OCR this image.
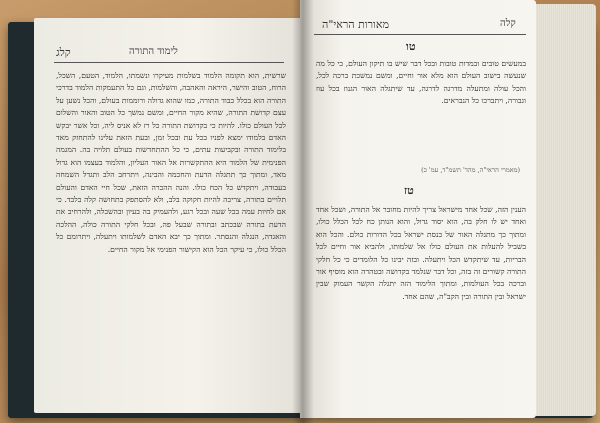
קלג	לימוד התורה
שרשית, הוא תקומה הלמוד בשלמות מעיקרו ונשמתו, הלמוד, הטעם, השכל, הרוח, הטוב והישר, היראה והאהבה, והשלמות, וגם כל התעמקות הלמוד בדרכי התורה הוא בכלל כבוד התורה, כמו שהוא גדולה ורוממות בעולם, והכל נשען על עצם קדושת התורה, שהיא מקור החיים, ומשם נמשך כל הטוב והאור והשלום לכל העולם כולו. להיות כי בקדושת התורה כל רז לא אניס ליה, וכל אשר יבקש האדם בלמודו ימצא לפניו בכל עת ובכל זמן, ובעת הזאת עלינו להתחזק מאד בלימוד התורה ובקביעות עתים, כי כל ההתחדשות בעולם תלויה בה. המגמה הפנימית של הלמוד היא ההתקשרות אל האור העליון, והלמוד בעצמו הוא גדול מאד, ומתוך כך תתגלה הדעת והחכמה והבינה, ויתרחב הלב ותגדל השמחה בעבודה, ויתקדש כל הכח כולו. והנה ההכרה הזאת, שכל חיי האדם והעולם תלויים בתורה, צריכה להיות חקוקה בלב, ולא להסתפק בתחושה קלה בלבד. כי אם לחיות עמה בכל שעה ובכל רגע, ולהעמיק בה בעיון ובהשכלה, ולהרחיב את הדעת בתורה שבכתב ובתורה שבעל פה, ובכל חלקי התורה כולה, ההלכה והאגדה, הנגלה והנסתר. ומתוך כך יבא האדם לשלמותו ויתעלה, ויתרומם כל הכלל כולו, כי עיקר הכל הוא הקישור הפנימי אל מקור החיים.
מאורות הראי"ה	קלה
טו
במעשים טובים ובמדות טובות ובכל דבר שיש בו תיקון העולם, כי כל מה שנעשה בישוב העולם הוא מלא אור וחיים, ומשם נמשכת ברכה לכל, והכל עולה ומתעלה מדרגה לדרגה, עד שיתגלה האור הגנוז בכל עוז וגבורה, ויתברכו כל הנבראים.
(מאמרי הראי"ה, מהד' תשמ"ד, עמ' כ)
טז
הענין הזה, שכל אחד מישראל צריך להיות מחובר אל התורה, ושכל אחד ואחד יש לו חלק בה, הוא יסוד גדול, והוא הנותן כח לכל הכלל כולו, ומתוך כך מתגלה האור של כנסת ישראל בכל הדורות כולם. והכל הוא בשביל להעלות את העולם כולו אל שלמותו, ולהביא אור וחיים לכל הבריות, עד שיתקדש הכל ויתעלה. ובזה יבינו כל הלומדים כי כל חלקי התורה קשורים זה בזה, וכל דבר שנלמד בקדושה ובטהרה הוא מוסיף אור וברכה בכל העולמות, ומתוך הלימוד הזה יתגלה הקשר העמוק שבין ישראל ובין התורה ובין הקב"ה, שהם אחד.
